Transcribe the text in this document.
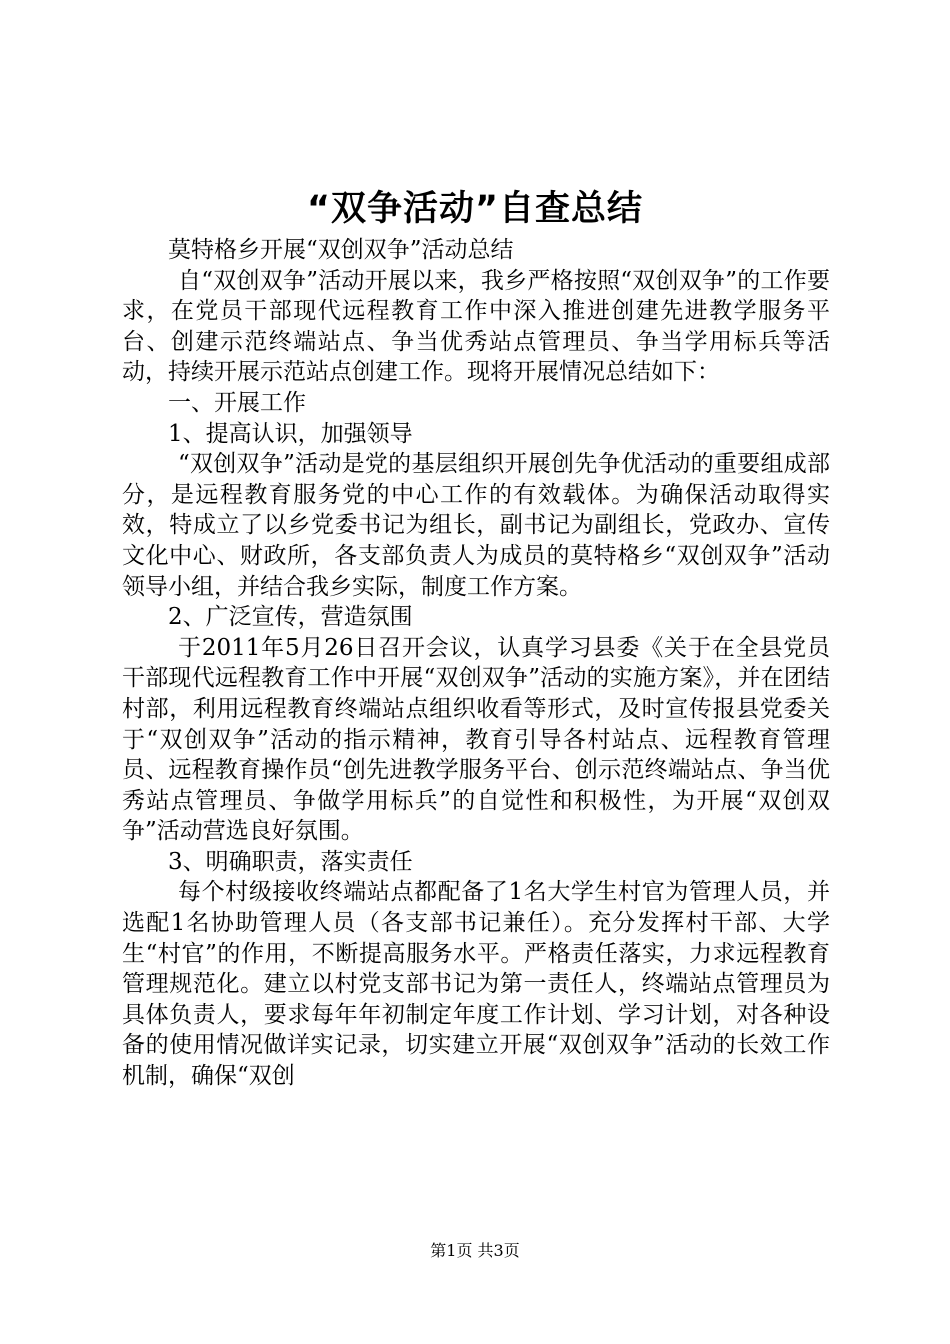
“双争活动”自查总结

莫特格乡开展“双创双争”活动总结

自“双创双争”活动开展以来，我乡严格按照“双创双争”的工作要求，在党员干部现代远程教育工作中深入推进创建先进教学服务平台、创建示范终端站点、争当优秀站点管理员、争当学用标兵等活动，持续开展示范站点创建工作。现将开展情况总结如下：

一、开展工作

1、提高认识，加强领导

“双创双争”活动是党的基层组织开展创先争优活动的重要组成部分，是远程教育服务党的中心工作的有效载体。为确保活动取得实效，特成立了以乡党委书记为组长，副书记为副组长，党政办、宣传文化中心、财政所，各支部负责人为成员的莫特格乡“双创双争”活动领导小组，并结合我乡实际，制度工作方案。

2、广泛宣传，营造氛围

于2011年5月26日召开会议，认真学习县委《关于在全县党员干部现代远程教育工作中开展“双创双争”活动的实施方案》，并在团结村部，利用远程教育终端站点组织收看等形式，及时宣传报县党委关于“双创双争”活动的指示精神，教育引导各村站点、远程教育管理员、远程教育操作员“创先进教学服务平台、创示范终端站点、争当优秀站点管理员、争做学用标兵”的自觉性和积极性，为开展“双创双争”活动营选良好氛围。

3、明确职责，落实责任

每个村级接收终端站点都配备了1名大学生村官为管理人员，并选配1名协助管理人员（各支部书记兼任）。充分发挥村干部、大学生“村官”的作用，不断提高服务水平。严格责任落实，力求远程教育管理规范化。建立以村党支部书记为第一责任人，终端站点管理员为具体负责人，要求每年年初制定年度工作计划、学习计划，对各种设备的使用情况做详实记录，切实建立开展“双创双争”活动的长效工作机制，确保“双创

第1页 共3页
